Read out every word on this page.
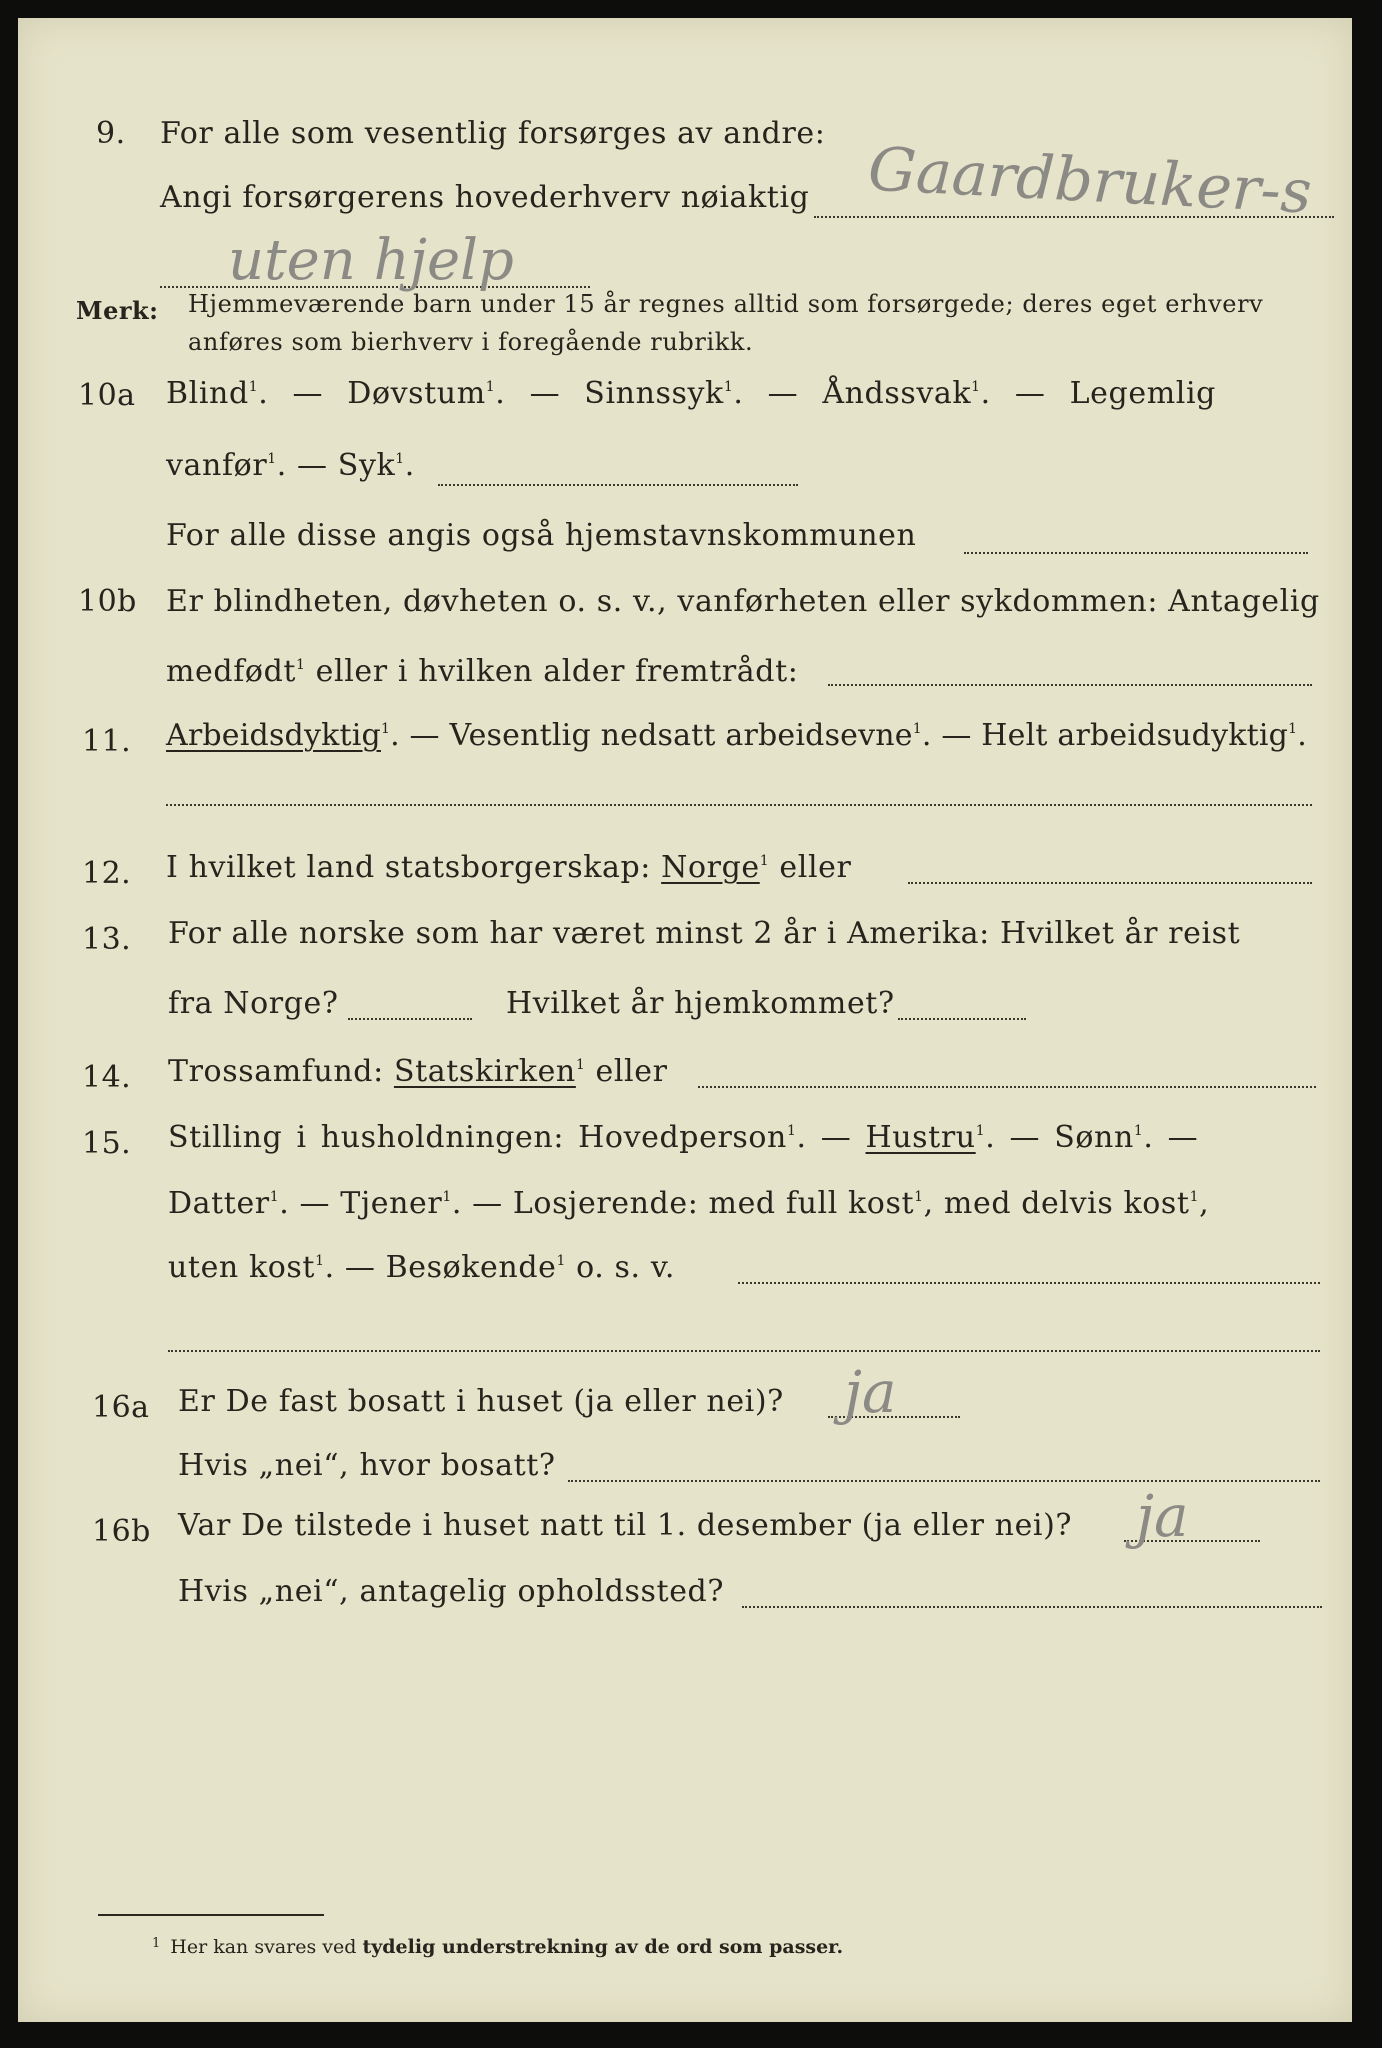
9. For alle som vesentlig forsørges av andre:
Angi forsørgerens hovederhverv nøiaktig Gaardbruker-s
uten hjelp
Merk: Hjemmeværende barn under 15 år regnes alltid som forsørgede; deres eget erhverv
anføres som bierhverv i foregående rubrikk.
10a Blind$^1$. — Døvstum$^1$. — Sinnssyk$^1$. — Åndssvak$^1$. — Legemlig
vanfør$^1$. — Syk$^1$.
For alle disse angis også hjemstavnskommunen
10b Er blindheten, døvheten o. s. v., vanførheten eller sykdommen: Antagelig
medfødt$^1$ eller i hvilken alder fremtrådt:
11. Arbeidsdyktig$^1$. — Vesentlig nedsatt arbeidsevne$^1$. — Helt arbeidsudyktig$^1$.
12. I hvilket land statsborgerskap: Norge$^1$ eller
13. For alle norske som har været minst 2 år i Amerika: Hvilket år reist
fra Norge?	Hvilket år hjemkommet?
14. Trossamfund: Statskirken$^1$ eller
15. Stilling i husholdningen: Hovedperson$^1$. — Hustru$^1$. — Sønn$^1$. —
Datter$^1$. — Tjener$^1$. — Losjerende: med full kost$^1$, med delvis kost$^1$,
uten kost$^1$. — Besøkende$^1$ o. s. v.
16a Er De fast bosatt i huset (ja eller nei)? ja
Hvis „nei“, hvor bosatt?
16b Var De tilstede i huset natt til 1. desember (ja eller nei)? ja
Hvis „nei“, antagelig opholdssted?
$^1$ Her kan svares ved tydelig understrekning av de ord som passer.
